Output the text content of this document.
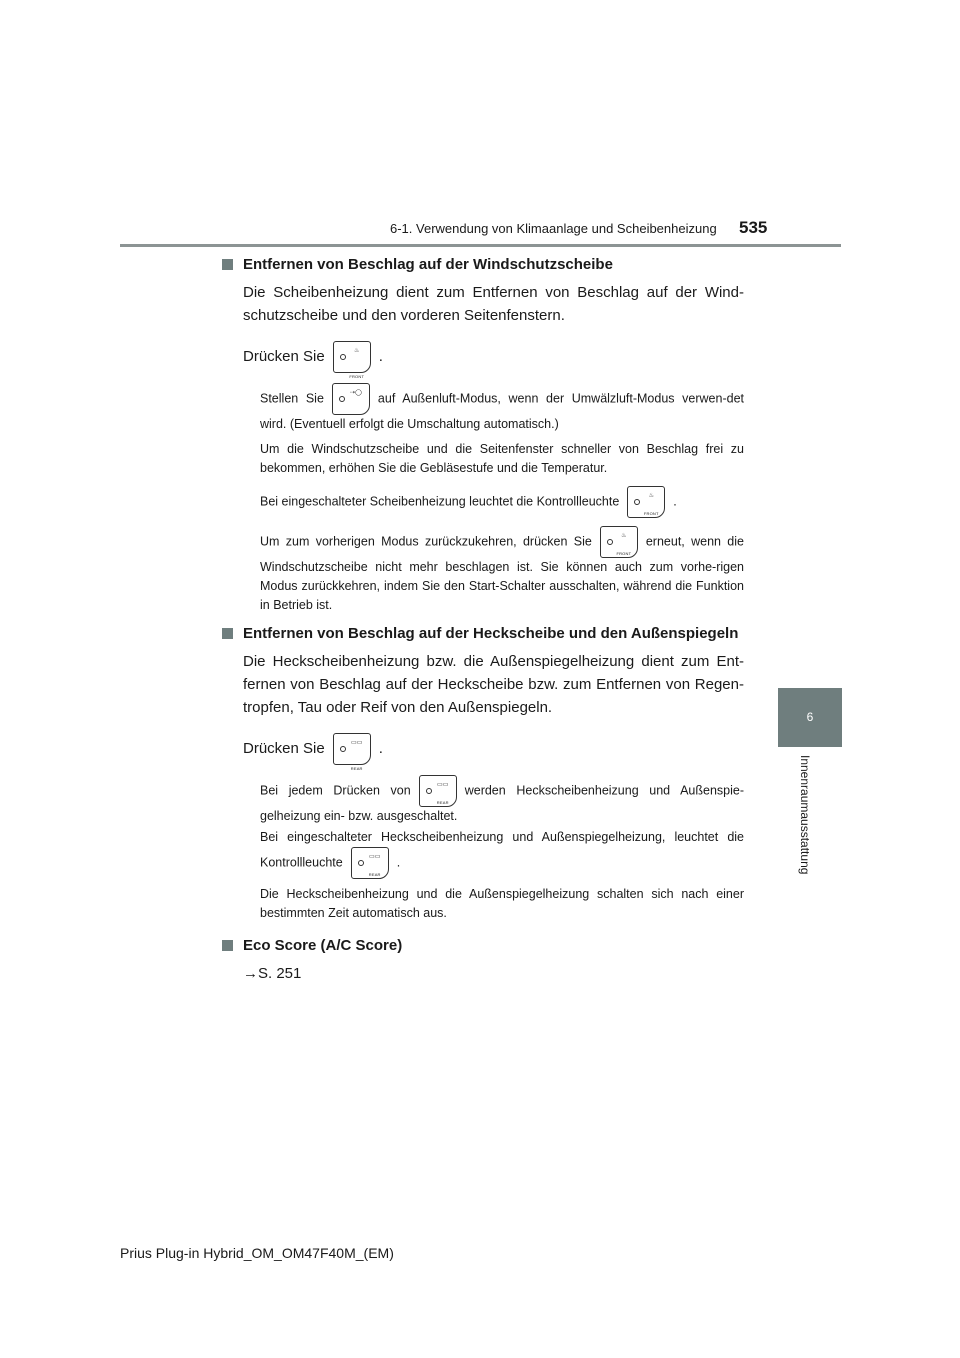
6-1. Verwendung von Klimaanlage und Scheibenheizung 535
6
Innenraumausstattung
Entfernen von Beschlag auf der Windschutzscheibe

Die Scheibenheizung dient zum Entfernen von Beschlag auf der Wind-schutzscheibe und den vorderen Seitenfenstern.

Drücken Sie	♨
FRONT
.

Stellen Sie	⇢◯ auf Außenluft-Modus, wenn der Umwälzluft-Modus verwen-det wird. (Eventuell erfolgt die Umschaltung automatisch.)

Um die Windschutzscheibe und die Seitenfenster schneller von Beschlag frei zu bekommen, erhöhen Sie die Gebläsestufe und die Temperatur.

Bei eingeschalteter Scheibenheizung leuchtet die Kontrollleuchte	♨
FRONT
.

Um zum vorherigen Modus zurückzukehren, drücken Sie	♨
FRONT
erneut, wenn die Windschutzscheibe nicht mehr beschlagen ist. Sie können auch zum vorhe-rigen Modus zurückkehren, indem Sie den Start-Schalter ausschalten, während die Funktion in Betrieb ist.

Entfernen von Beschlag auf der Heckscheibe und den Außenspiegeln

Die Heckscheibenheizung bzw. die Außenspiegelheizung dient zum Ent-fernen von Beschlag auf der Heckscheibe bzw. zum Entfernen von Regen-tropfen, Tau oder Reif von den Außenspiegeln.

Drücken Sie	▭▭
REAR
.

Bei jedem Drücken von	▭▭
REAR
werden Heckscheibenheizung und Außenspie-gelheizung ein- bzw. ausgeschaltet.

Bei eingeschalteter Heckscheibenheizung und Außenspiegelheizung, leuchtet die Kontrollleuchte	▭▭
REAR
.

Die Heckscheibenheizung und die Außenspiegelheizung schalten sich nach einer bestimmten Zeit automatisch aus.

Eco Score (A/C Score)

→S. 251

Prius Plug-in Hybrid_OM_OM47F40M_(EM)
